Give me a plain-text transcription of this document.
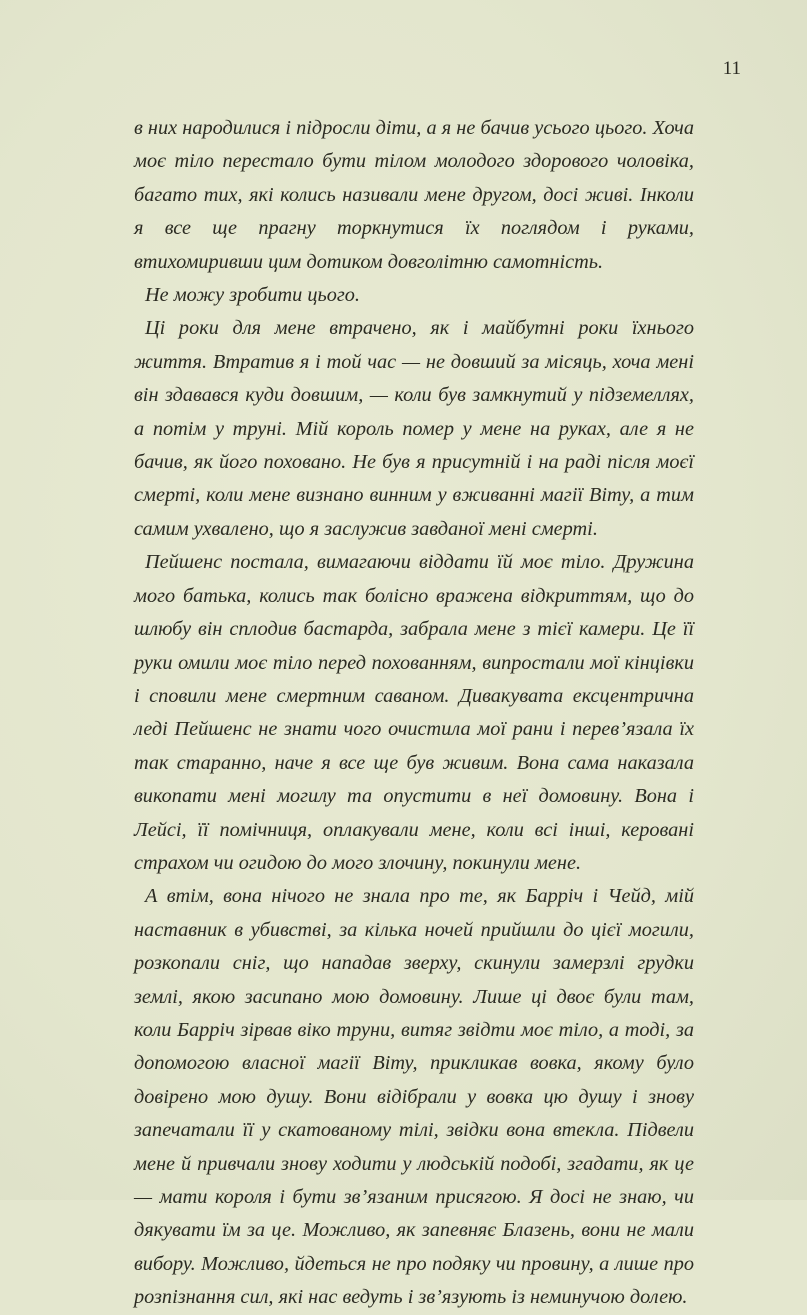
11

в них народилися і підросли діти, а я не бачив усього цього. Хоча моє тіло перестало бути тілом молодого здорового чоловіка, багато тих, які колись називали мене другом, досі живі. Інколи я все ще прагну торкнутися їх поглядом і руками, втихомиривши цим дотиком довголітню самотність.

Не можу зробити цього.

Ці роки для мене втрачено, як і майбутні роки їхнього життя. Втратив я і той час — не довший за місяць, хоча мені він здавався куди довшим, — коли був замкнутий у підземеллях, а потім у труні. Мій король помер у мене на руках, але я не бачив, як його поховано. Не був я присутній і на раді після моєї смерті, коли мене визнано винним у вживанні магії Віту, а тим самим ухвалено, що я заслужив завданої мені смерті.

Пейшенс постала, вимагаючи віддати їй моє тіло. Дружина мого батька, колись так болісно вражена відкриттям, що до шлюбу він сплодив бастарда, забрала мене з тієї камери. Це її руки омили моє тіло перед похованням, випростали мої кінцівки і сповили мене смертним саваном. Дивакувата ексцентрична леді Пейшенс не знати чого очистила мої рани і перев’язала їх так старанно, наче я все ще був живим. Вона сама наказала викопати мені могилу та опустити в неї домовину. Вона і Лейсі, її помічниця, оплакували мене, коли всі інші, керовані страхом чи огидою до мого злочину, покинули мене.

А втім, вона нічого не знала про те, як Барріч і Чейд, мій наставник в убивстві, за кілька ночей прийшли до цієї могили, розкопали сніг, що нападав зверху, скинули замерзлі грудки землі, якою засипано мою домовину. Лише ці двоє були там, коли Барріч зірвав віко труни, витяг звідти моє тіло, а тоді, за допомогою власної магії Віту, прикликав вовка, якому було довірено мою душу. Вони відібрали у вовка цю душу і знову запечатали її у скатованому тілі, звідки вона втекла. Підвели мене й привчали знову ходити у людській подобі, згадати, як це — мати короля і бути зв’язаним присягою. Я досі не знаю, чи дякувати їм за це. Можливо, як запевняє Блазень, вони не мали вибору. Можливо, йдеться не про подяку чи провину, а лише про розпізнання сил, які нас ведуть і зв’язують із неминучою долею.
